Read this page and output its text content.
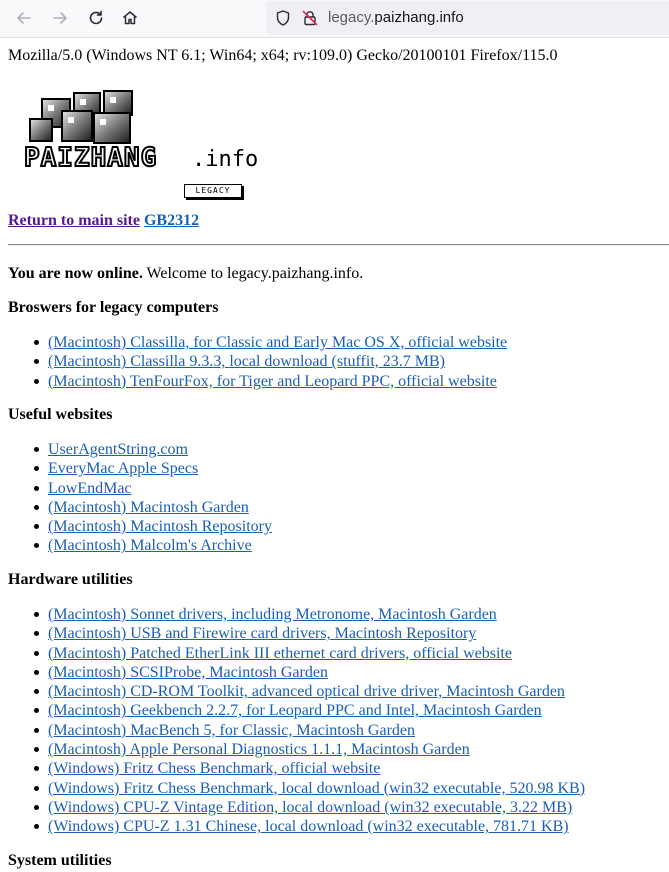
legacy.paizhang.info
Mozilla/5.0 (Windows NT 6.1; Win64; x64; rv:109.0) Gecko/20100101 Firefox/115.0
PAIZHANG .info
LEGACY
Return to main site GB2312
You are now online. Welcome to legacy.paizhang.info.
Broswers for legacy computers
(Macintosh) Classilla, for Classic and Early Mac OS X, official website
(Macintosh) Classilla 9.3.3, local download (stuffit, 23.7 MB)
(Macintosh) TenFourFox, for Tiger and Leopard PPC, official website
Useful websites
UserAgentString.com
EveryMac Apple Specs
LowEndMac
(Macintosh) Macintosh Garden
(Macintosh) Macintosh Repository
(Macintosh) Malcolm's Archive
Hardware utilities
(Macintosh) Sonnet drivers, including Metronome, Macintosh Garden
(Macintosh) USB and Firewire card drivers, Macintosh Repository
(Macintosh) Patched EtherLink III ethernet card drivers, official website
(Macintosh) SCSIProbe, Macintosh Garden
(Macintosh) CD-ROM Toolkit, advanced optical drive driver, Macintosh Garden
(Macintosh) Geekbench 2.2.7, for Leopard PPC and Intel, Macintosh Garden
(Macintosh) MacBench 5, for Classic, Macintosh Garden
(Macintosh) Apple Personal Diagnostics 1.1.1, Macintosh Garden
(Windows) Fritz Chess Benchmark, official website
(Windows) Fritz Chess Benchmark, local download (win32 executable, 520.98 KB)
(Windows) CPU-Z Vintage Edition, local download (win32 executable, 3.22 MB)
(Windows) CPU-Z 1.31 Chinese, local download (win32 executable, 781.71 KB)
System utilities
